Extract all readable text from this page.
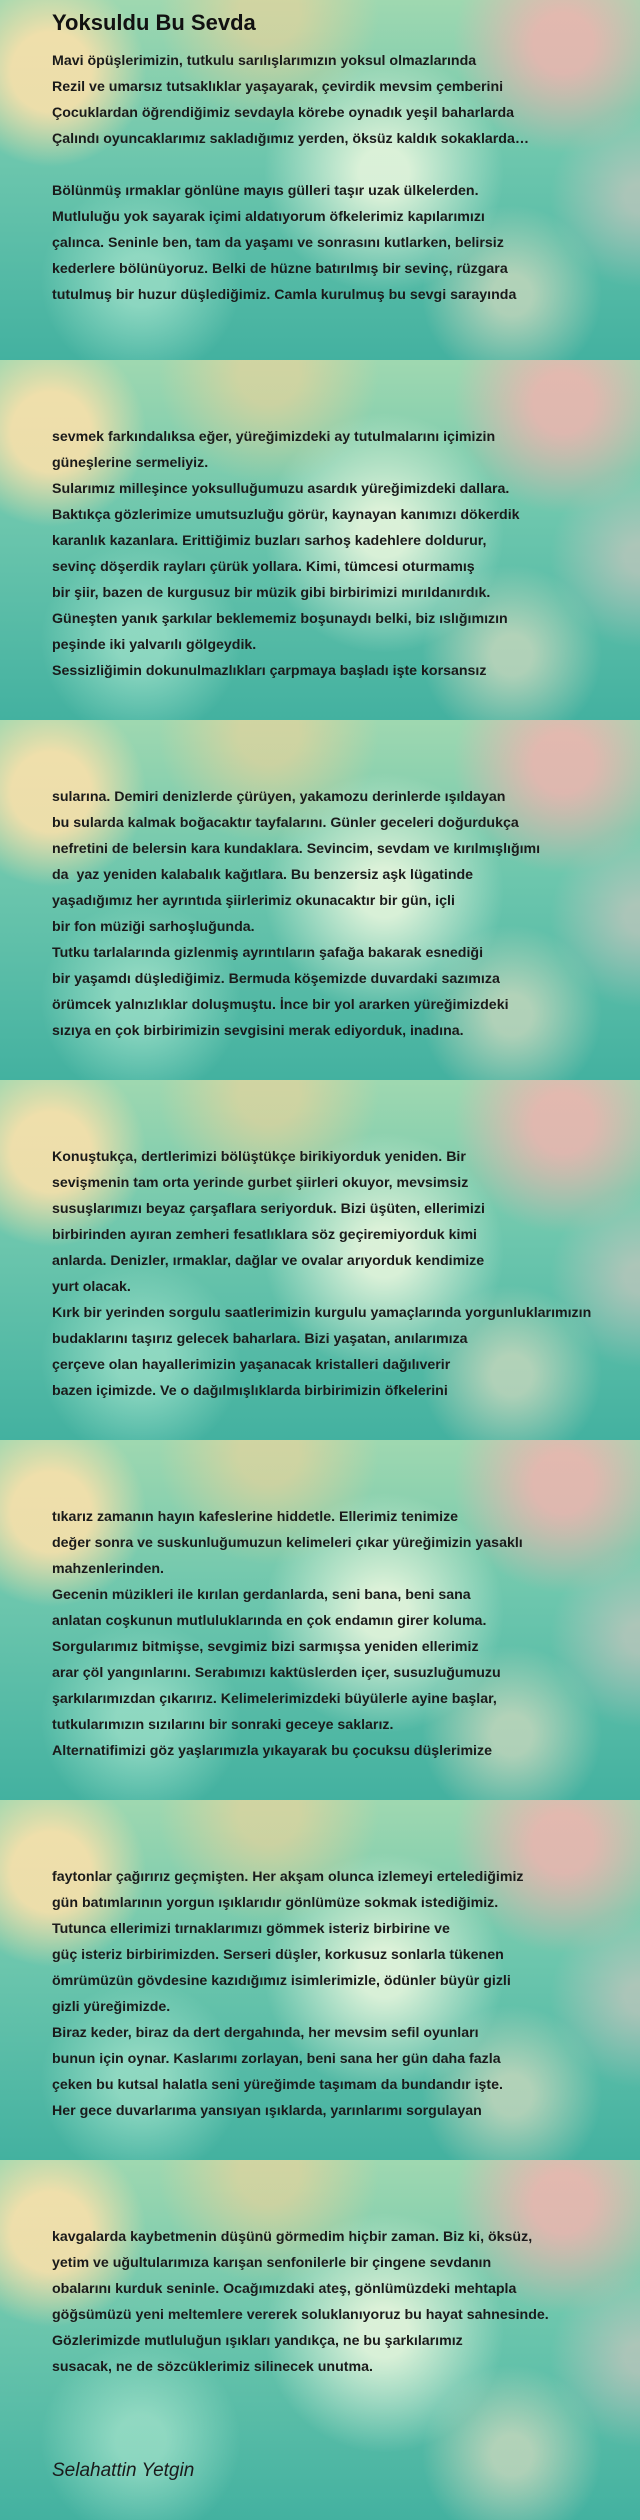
Yoksuldu Bu Sevda

Mavi öpüşlerimizin, tutkulu sarılışlarımızın yoksul olmazlarında
Rezil ve umarsız tutsaklıklar yaşayarak, çevirdik mevsim çemberini
Çocuklardan öğrendiğimiz sevdayla körebe oynadık yeşil baharlarda
Çalındı oyuncaklarımız sakladığımız yerden, öksüz kaldık sokaklarda…

Bölünmüş ırmaklar gönlüne mayıs gülleri taşır uzak ülkelerden.
Mutluluğu yok sayarak içimi aldatıyorum öfkelerimiz kapılarımızı
çalınca. Seninle ben, tam da yaşamı ve sonrasını kutlarken, belirsiz
kederlere bölünüyoruz. Belki de hüzne batırılmış bir sevinç, rüzgara
tutulmuş bir huzur düşlediğimiz. Camla kurulmuş bu sevgi sarayında

sevmek farkındalıksa eğer, yüreğimizdeki ay tutulmalarını içimizin
güneşlerine sermeliyiz.
Sularımız milleşince yoksulluğumuzu asardık yüreğimizdeki dallara.
Baktıkça gözlerimize umutsuzluğu görür, kaynayan kanımızı dökerdik
karanlık kazanlara. Erittiğimiz buzları sarhoş kadehlere doldurur,
sevinç döşerdik rayları çürük yollara. Kimi, tümcesi oturmamış
bir şiir, bazen de kurgusuz bir müzik gibi birbirimizi mırıldanırdık.
Güneşten yanık şarkılar beklememiz boşunaydı belki, biz ıslığımızın
peşinde iki yalvarılı gölgeydik.
Sessizliğimin dokunulmazlıkları çarpmaya başladı işte korsansız

sularına. Demiri denizlerde çürüyen, yakamozu derinlerde ışıldayan
bu sularda kalmak boğacaktır tayfalarını. Günler geceleri doğurdukça
nefretini de belersin kara kundaklara. Sevincim, sevdam ve kırılmışlığımı
da  yaz yeniden kalabalık kağıtlara. Bu benzersiz aşk lügatinde
yaşadığımız her ayrıntıda şiirlerimiz okunacaktır bir gün, içli
bir fon müziği sarhoşluğunda.
Tutku tarlalarında gizlenmiş ayrıntıların şafağa bakarak esnediği
bir yaşamdı düşlediğimiz. Bermuda köşemizde duvardaki sazımıza
örümcek yalnızlıklar doluşmuştu. İnce bir yol ararken yüreğimizdeki
sızıya en çok birbirimizin sevgisini merak ediyorduk, inadına.

Konuştukça, dertlerimizi bölüştükçe birikiyorduk yeniden. Bir
sevişmenin tam orta yerinde gurbet şiirleri okuyor, mevsimsiz
susuşlarımızı beyaz çarşaflara seriyorduk. Bizi üşüten, ellerimizi
birbirinden ayıran zemheri fesatlıklara söz geçiremiyorduk kimi
anlarda. Denizler, ırmaklar, dağlar ve ovalar arıyorduk kendimize
yurt olacak.
Kırk bir yerinden sorgulu saatlerimizin kurgulu yamaçlarında yorgunluklarımızın
budaklarını taşırız gelecek baharlara. Bizi yaşatan, anılarımıza
çerçeve olan hayallerimizin yaşanacak kristalleri dağılıverir
bazen içimizde. Ve o dağılmışlıklarda birbirimizin öfkelerini

tıkarız zamanın hayın kafeslerine hiddetle. Ellerimiz tenimize
değer sonra ve suskunluğumuzun kelimeleri çıkar yüreğimizin yasaklı
mahzenlerinden.
Gecenin müzikleri ile kırılan gerdanlarda, seni bana, beni sana
anlatan coşkunun mutluluklarında en çok endamın girer koluma.
Sorgularımız bitmişse, sevgimiz bizi sarmışsa yeniden ellerimiz
arar çöl yangınlarını. Serabımızı kaktüslerden içer, susuzluğumuzu
şarkılarımızdan çıkarırız. Kelimelerimizdeki büyülerle ayine başlar,
tutkularımızın sızılarını bir sonraki geceye saklarız.
Alternatifimizi göz yaşlarımızla yıkayarak bu çocuksu düşlerimize

faytonlar çağırırız geçmişten. Her akşam olunca izlemeyi ertelediğimiz
gün batımlarının yorgun ışıklarıdır gönlümüze sokmak istediğimiz.
Tutunca ellerimizi tırnaklarımızı gömmek isteriz birbirine ve
güç isteriz birbirimizden. Serseri düşler, korkusuz sonlarla tükenen
ömrümüzün gövdesine kazıdığımız isimlerimizle, ödünler büyür gizli
gizli yüreğimizde.
Biraz keder, biraz da dert dergahında, her mevsim sefil oyunları
bunun için oynar. Kaslarımı zorlayan, beni sana her gün daha fazla
çeken bu kutsal halatla seni yüreğimde taşımam da bundandır işte.
Her gece duvarlarıma yansıyan ışıklarda, yarınlarımı sorgulayan

kavgalarda kaybetmenin düşünü görmedim hiçbir zaman. Biz ki, öksüz,
yetim ve uğultularımıza karışan senfonilerle bir çingene sevdanın
obalarını kurduk seninle. Ocağımızdaki ateş, gönlümüzdeki mehtapla
göğsümüzü yeni meltemlere vererek soluklanıyoruz bu hayat sahnesinde.
Gözlerimizde mutluluğun ışıkları yandıkça, ne bu şarkılarımız
susacak, ne de sözcüklerimiz silinecek unutma.

Selahattin Yetgin
